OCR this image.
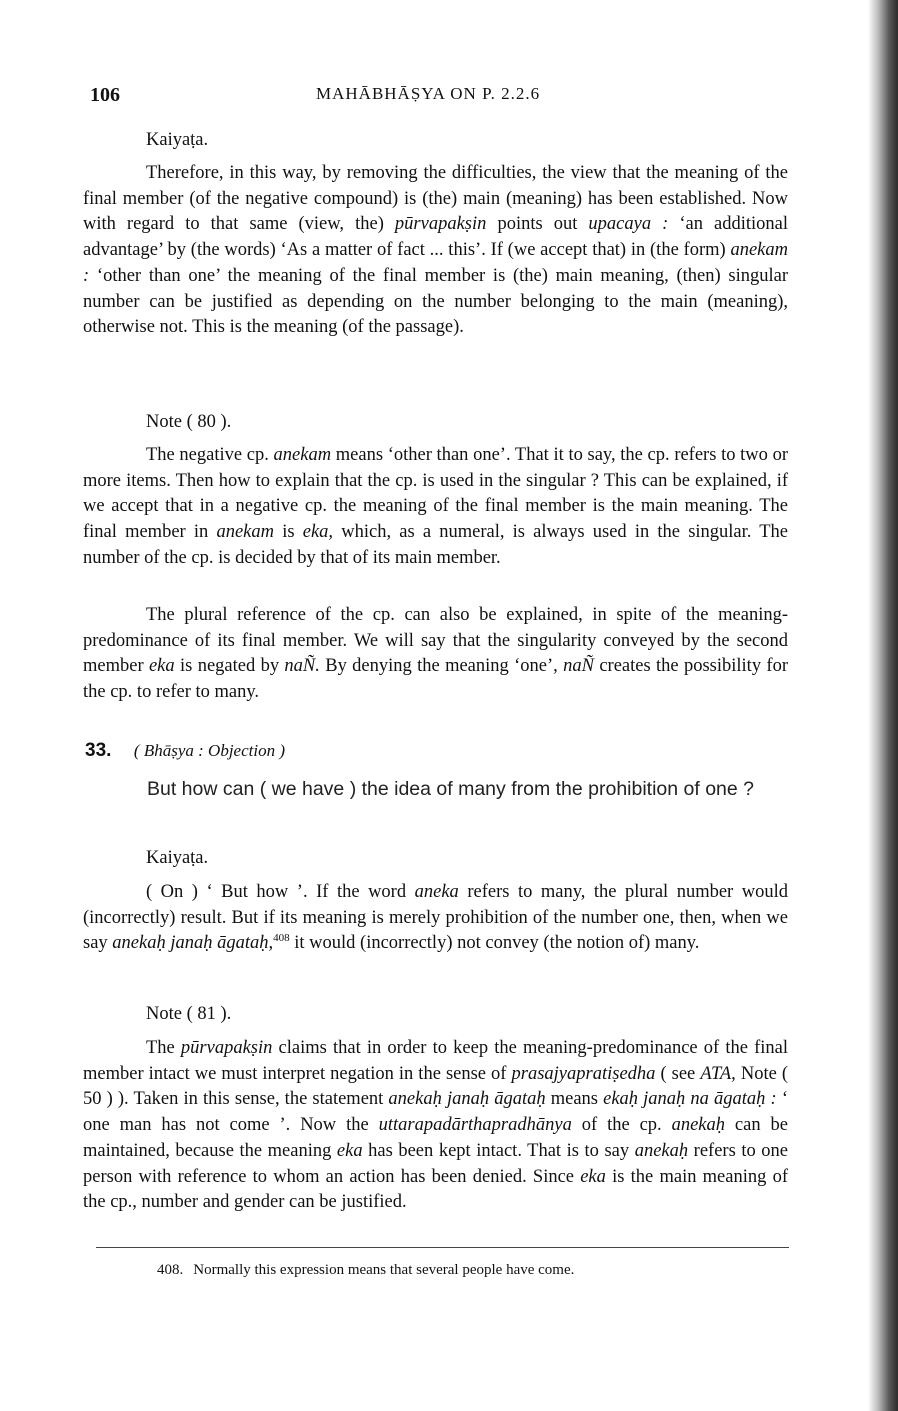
106	MAHĀBHĀṢYA ON P. 2.2.6
Kaiyaṭa.

Therefore, in this way, by removing the difficulties, the view that the meaning of the final member (of the negative compound) is (the) main (meaning) has been established. Now with regard to that same (view, the) pūrvapakṣin points out upacaya : ‘an additional advantage’ by (the words) ‘As a matter of fact ... this’. If (we accept that) in (the form) anekam : ‘other than one’ the meaning of the final member is (the) main meaning, (then) singular number can be justified as depending on the number belonging to the main (meaning), otherwise not. This is the meaning (of the passage).

Note ( 80 ).

The negative cp. anekam means ‘other than one’. That it to say, the cp. refers to two or more items. Then how to explain that the cp. is used in the singular ? This can be explained, if we accept that in a negative cp. the meaning of the final member is the main meaning. The final member in anekam is eka, which, as a numeral, is always used in the singular. The number of the cp. is decided by that of its main member.

The plural reference of the cp. can also be explained, in spite of the meaning-predominance of its final member. We will say that the singularity conveyed by the second member eka is negated by naÑ. By denying the meaning ‘one’, naÑ creates the possibility for the cp. to refer to many.

33. ( Bhāṣya : Objection )

But how can ( we have ) the idea of many from the prohibition of one ?

Kaiyaṭa.

( On ) ‘ But how ’. If the word aneka refers to many, the plural number would (incorrectly) result. But if its meaning is merely prohibition of the number one, then, when we say anekaḥ janaḥ āgataḥ,$^{408}$ it would (incorrectly) not convey (the notion of) many.

Note ( 81 ).

The pūrvapakṣin claims that in order to keep the meaning-predominance of the final member intact we must interpret negation in the sense of prasajyapratiṣedha ( see ATA, Note ( 50 ) ). Taken in this sense, the statement anekaḥ janaḥ āgataḥ means ekaḥ janaḥ na āgataḥ : ‘ one man has not come ’. Now the uttarapadārthapradhānya of the cp. anekaḥ can be maintained, because the meaning eka has been kept intact. That is to say anekaḥ refers to one person with reference to whom an action has been denied. Since eka is the main meaning of the cp., number and gender can be justified.

408. Normally this expression means that several people have come.
